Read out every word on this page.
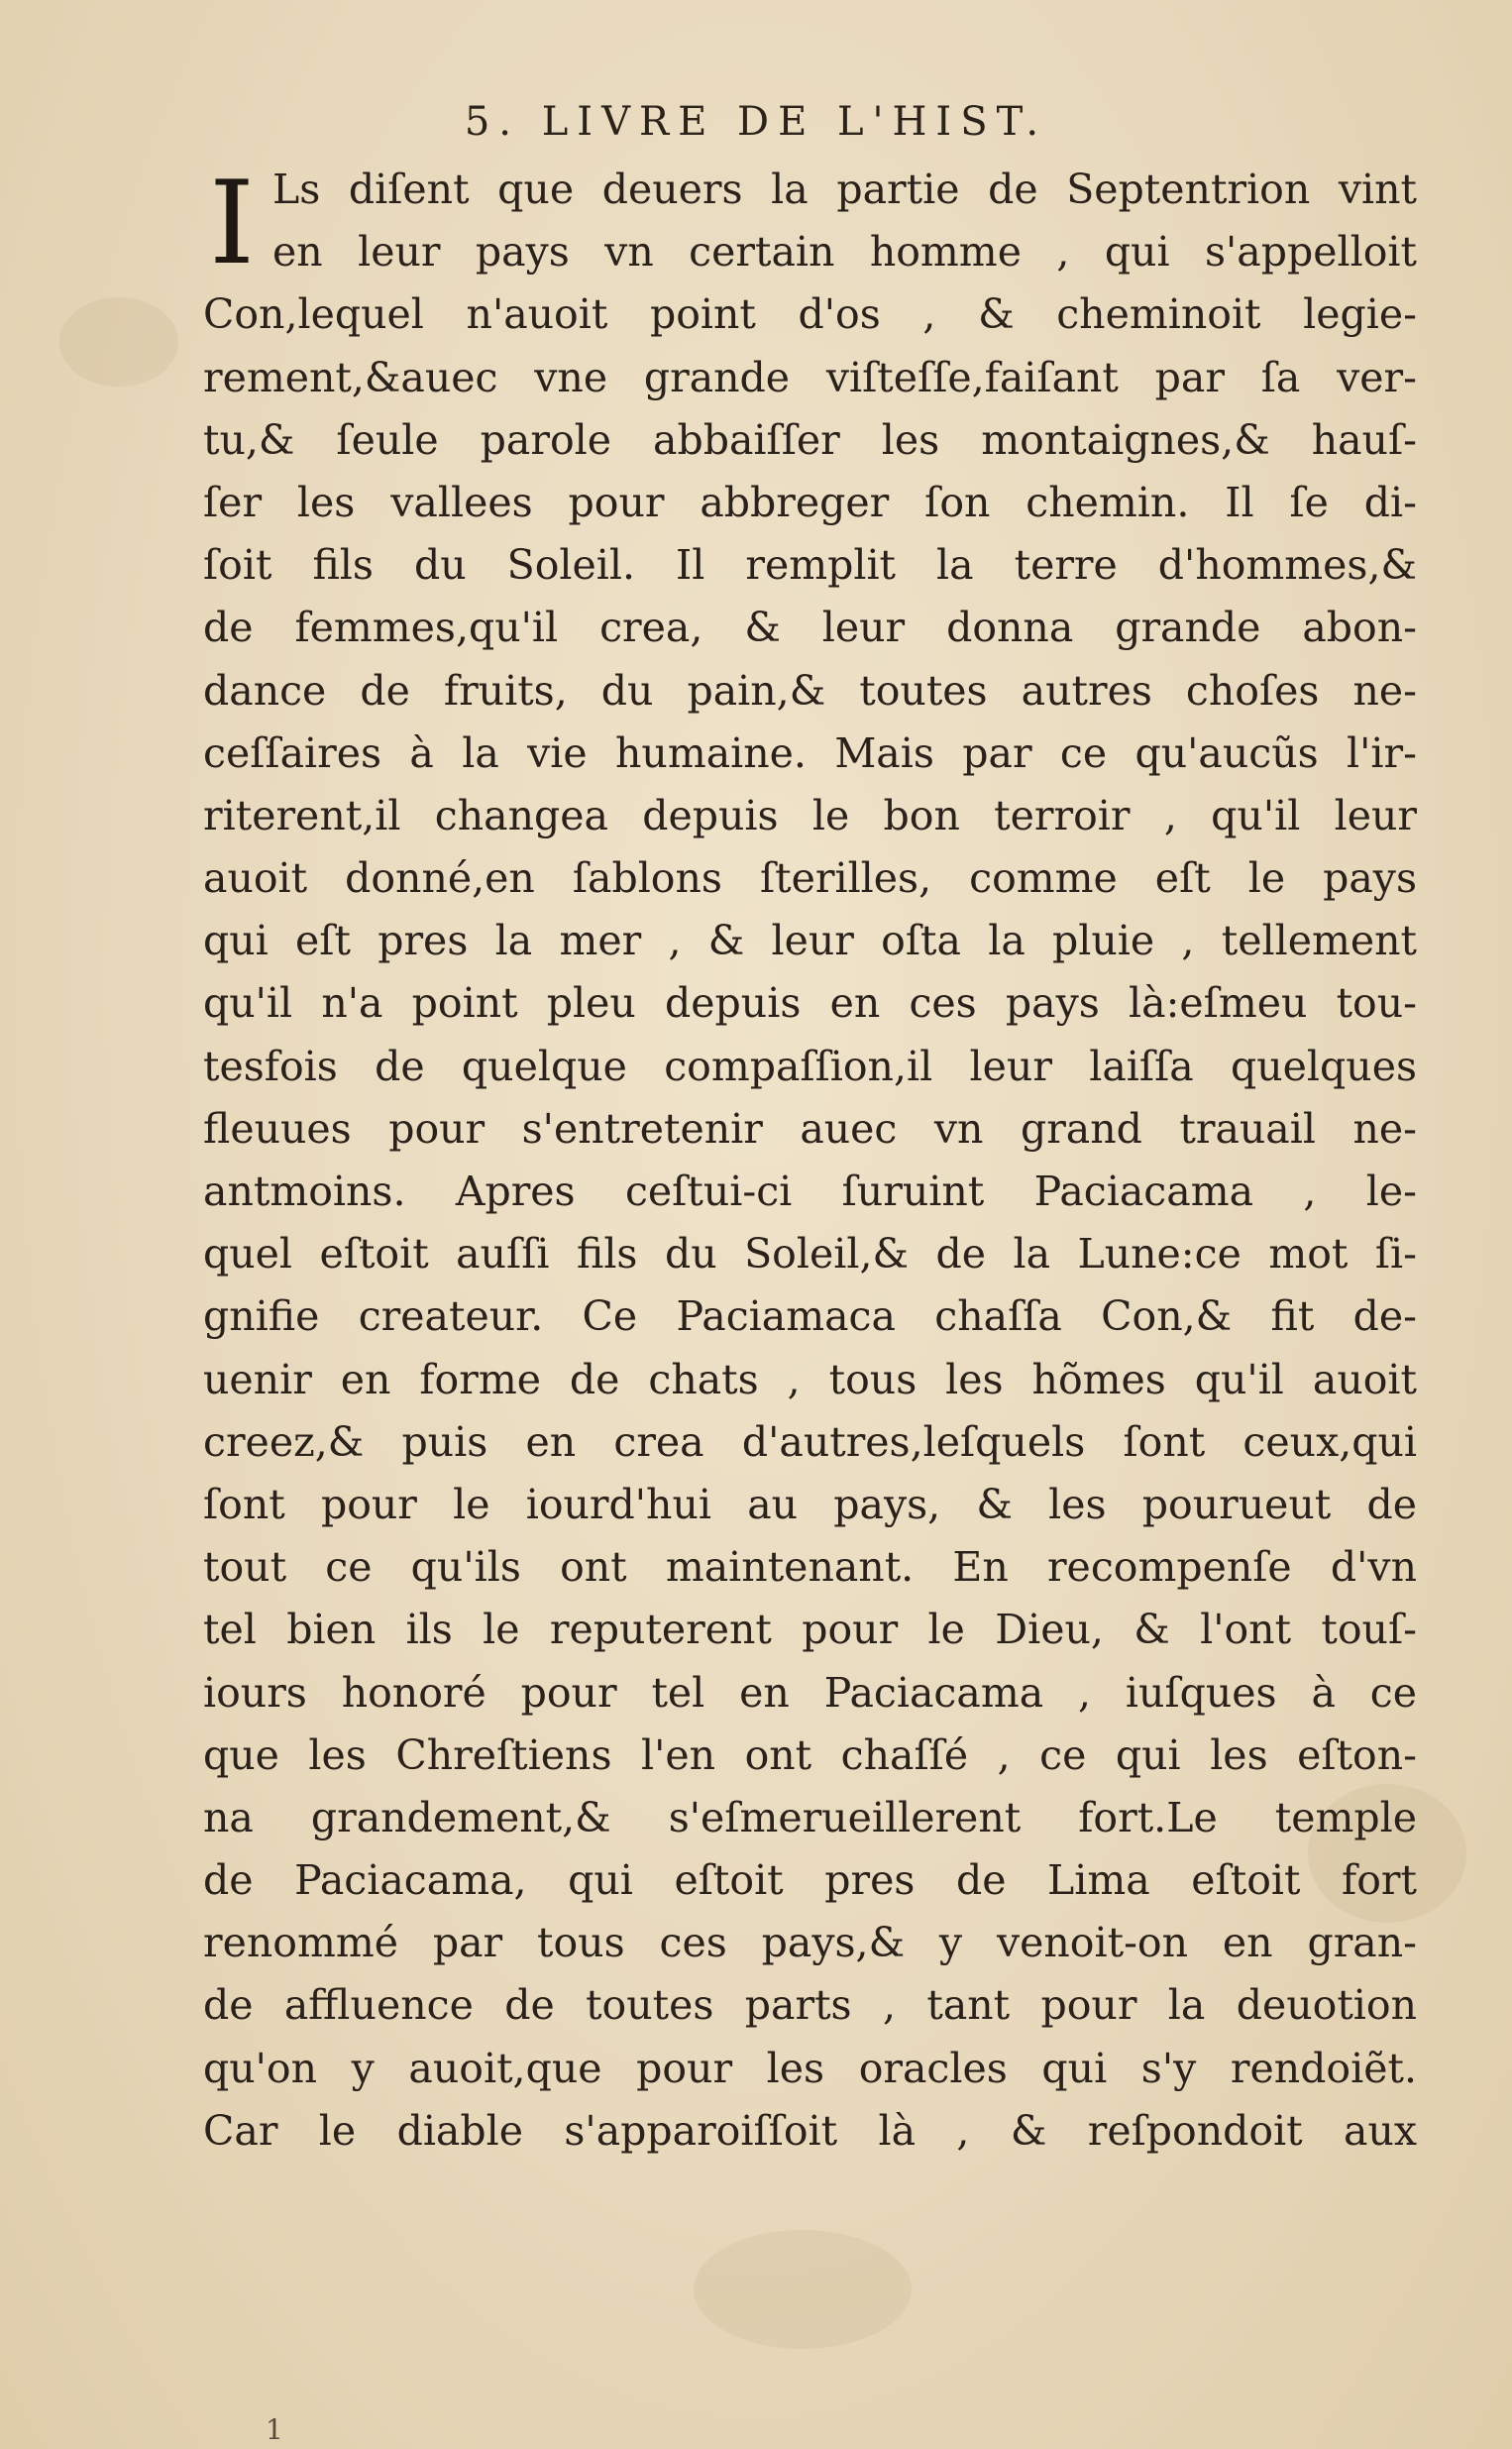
5. LIVRE DE L'HIST.
I Ls diſent que deuers la partie de Septentrion vint
en leur pays vn certain homme , qui s'appelloit
Con,lequel n'auoit point d'os , & cheminoit legie-
rement,&auec vne grande viſteſſe,faiſant par ſa ver-
tu,& ſeule parole abbaiſſer les montaignes,& hauſ-
ſer les vallees pour abbreger ſon chemin. Il ſe di-
ſoit fils du Soleil. Il remplit la terre d'hommes,&
de femmes,qu'il crea, & leur donna grande abon-
dance de fruits, du pain,& toutes autres choſes ne-
ceſſaires à la vie humaine. Mais par ce qu'aucũs l'ir-
riterent,il changea depuis le bon terroir , qu'il leur
auoit donné,en ſablons ſterilles, comme eſt le pays
qui eſt pres la mer , & leur oſta la pluie , tellement
qu'il n'a point pleu depuis en ces pays là:eſmeu tou-
tesfois de quelque compaſſion,il leur laiſſa quelques
fleuues pour s'entretenir auec vn grand trauail ne-
antmoins. Apres ceſtui-ci ſuruint Paciacama , le-
quel eſtoit auſſi fils du Soleil,& de la Lune:ce mot ſi-
gnifie createur. Ce Paciamaca chaſſa Con,& fit de-
uenir en forme de chats , tous les hõmes qu'il auoit
creez,& puis en crea d'autres,leſquels ſont ceux,qui
ſont pour le iourd'hui au pays, & les pourueut de
tout ce qu'ils ont maintenant. En recompenſe d'vn
tel bien ils le reputerent pour le Dieu, & l'ont touſ-
iours honoré pour tel en Paciacama , iuſques à ce
que les Chreſtiens l'en ont chaſſé , ce qui les eſton-
na grandement,& s'eſmerueillerent fort.Le temple
de Paciacama, qui eſtoit pres de Lima eſtoit fort
renommé par tous ces pays,& y venoit-on en gran-
de affluence de toutes parts , tant pour la deuotion
qu'on y auoit,que pour les oracles qui s'y rendoiẽt.
Car le diable s'apparoiſſoit là , & reſpondoit aux
1
